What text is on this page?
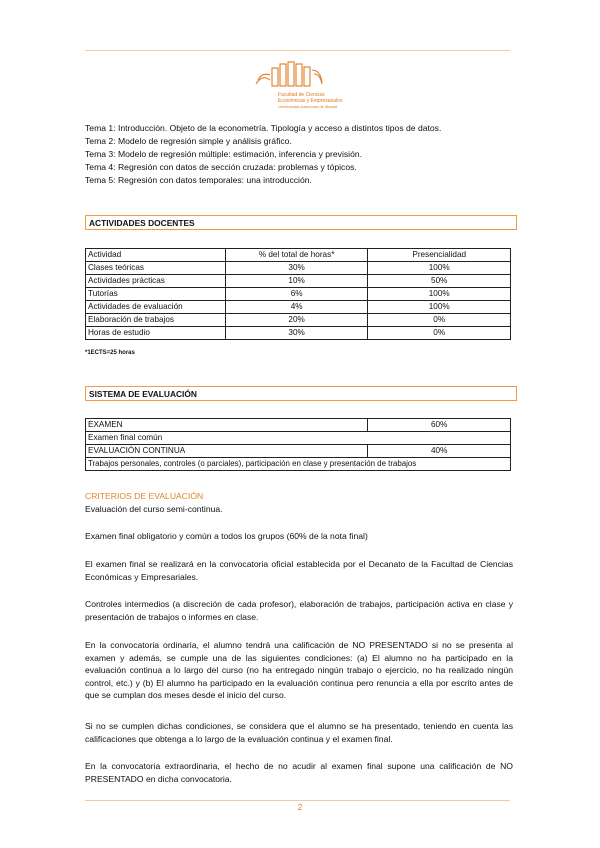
Facultad de Ciencias
Económicas y Empresariales
Universidad Autónoma de Madrid
Tema 1: Introducción. Objeto de la econometría. Tipología y acceso a distintos tipos de datos.
Tema 2: Modelo de regresión simple y análisis gráfico.
Tema 3: Modelo de regresión múltiple: estimación, inferencia y previsión.
Tema 4: Regresión con datos de sección cruzada: problemas y tópicos.
Tema 5: Regresión con datos temporales: una introducción.
ACTIVIDADES DOCENTES
Actividad	% del total de horas*	Presencialidad
Clases teóricas	30%	100%
Actividades prácticas	10%	50%
Tutorías	6%	100%
Actividades de evaluación	4%	100%
Elaboración de trabajos	20%	0%
Horas de estudio	30%	0%
*1ECTS=25 horas
SISTEMA DE EVALUACIÓN
EXAMEN	60%
Examen final común	
EVALUACIÓN CONTINUA	40%
Trabajos personales, controles (o parciales), participación en clase y presentación de trabajos	
CRITERIOS DE EVALUACIÓN
Evaluación del curso semi-continua.
Examen final obligatorio y común a todos los grupos (60% de la nota final)
El examen final se realizará en la convocatoria oficial establecida por el Decanato de la Facultad de Ciencias Económicas y Empresariales.
Controles intermedios (a discreción de cada profesor), elaboración de trabajos, participación activa en clase y presentación de trabajos o informes en clase.
En la convocatoria ordinaria, el alumno tendrá una calificación de NO PRESENTADO si no se presenta al examen y además, se cumple una de las siguientes condiciones: (a) El alumno no ha participado en la evaluación continua a lo largo del curso (no ha entregado ningún trabajo o ejercicio, no ha realizado ningún control, etc.) y (b) El alumno ha participado en la evaluación continua pero renuncia a ella por escrito antes de que se cumplan dos meses desde el inicio del curso.
Si no se cumplen dichas condiciones, se considera que el alumno se ha presentado, teniendo en cuenta las calificaciones que obtenga a lo largo de la evaluación continua y el examen final.
En la convocatoria extraordinaria, el hecho de no acudir al examen final supone una calificación de NO PRESENTADO en dicha convocatoria.
2
